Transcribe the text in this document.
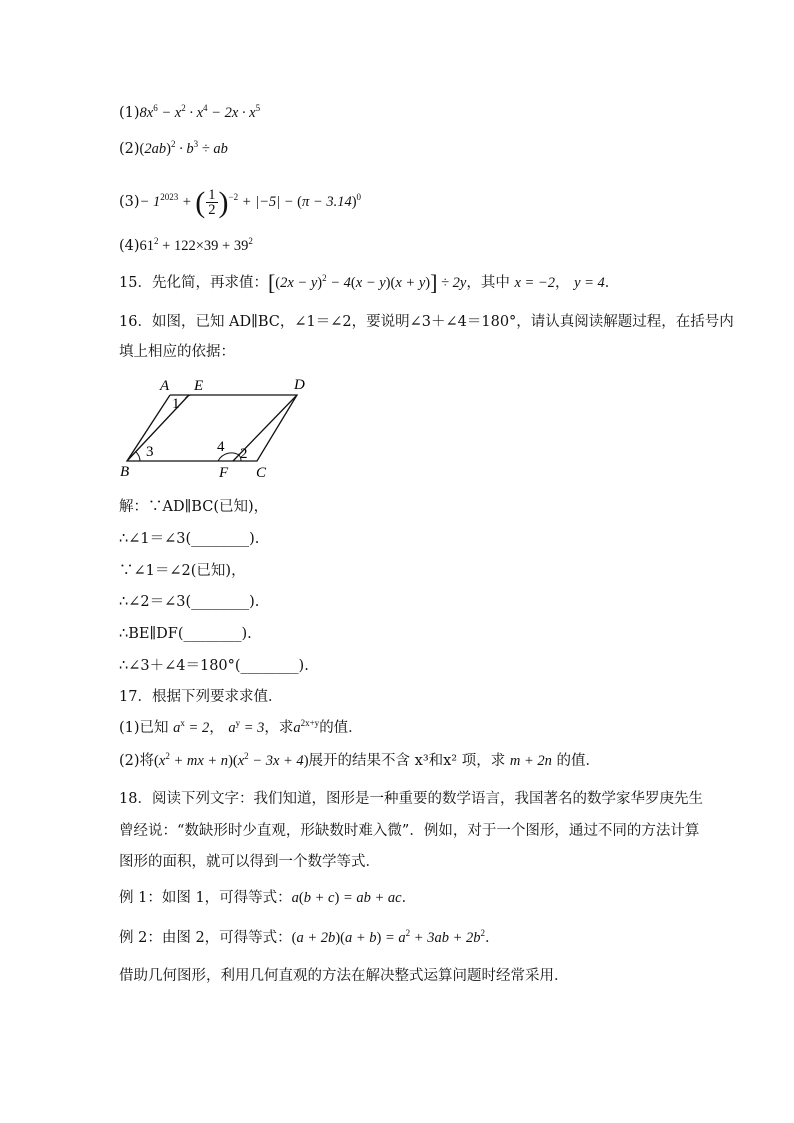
$(1)8x^6 - x^2 \cdot x^4 - 2x \cdot x^5$
$(2)(2ab)^2 \cdot b^3$ ÷ ab
$(3)- 1^{2023}$ + ( $\frac{1}{2} )^{-2} + |-5| - (\pi - 3.14)^0$
$(4)61^2 + 122\times 39 + 39^2$
15．先化简，再求值：$[(2x - y)^2 - 4(x - y)(x + y)] \div 2y$，其中 x = −2， y = 4．
16．如图，已知 AD∥BC，∠1＝∠2，要说明∠3＋∠4＝180°，请认真阅读解题过程，在括号内
填上相应的依据：
A E	D
B	F C
1
2
3	4
解：∵AD∥BC(已知)，
∴∠1＝∠3(________).
∵∠1＝∠2(已知)，
∴∠2＝∠3(________).
∴BE∥DF(________).
∴∠3＋∠4＝180°(________).
17．根据下列要求求值．
(1)已知 $a^x = 2$， $a^y = 3$，求$a^{2x+y}$的值．
(2)将($x^2$ + mx + $n)(x^2 - 3x + 4)$展开的结果不含 x³和x² 项，求 m + 2n 的值．
18．阅读下列文字：我们知道，图形是一种重要的数学语言，我国著名的数学家华罗庚先生
曾经说：“数缺形时少直观，形缺数时难入微”．例如，对于一个图形，通过不同的方法计算
图形的面积，就可以得到一个数学等式．
例 1：如图 1，可得等式：a(b + c) = ab + ac．
例 2：由图 2，可得等式：$(a + 2b)(a + b) = a^2 + 3ab + 2b^2$．
借助几何图形，利用几何直观的方法在解决整式运算问题时经常采用．
